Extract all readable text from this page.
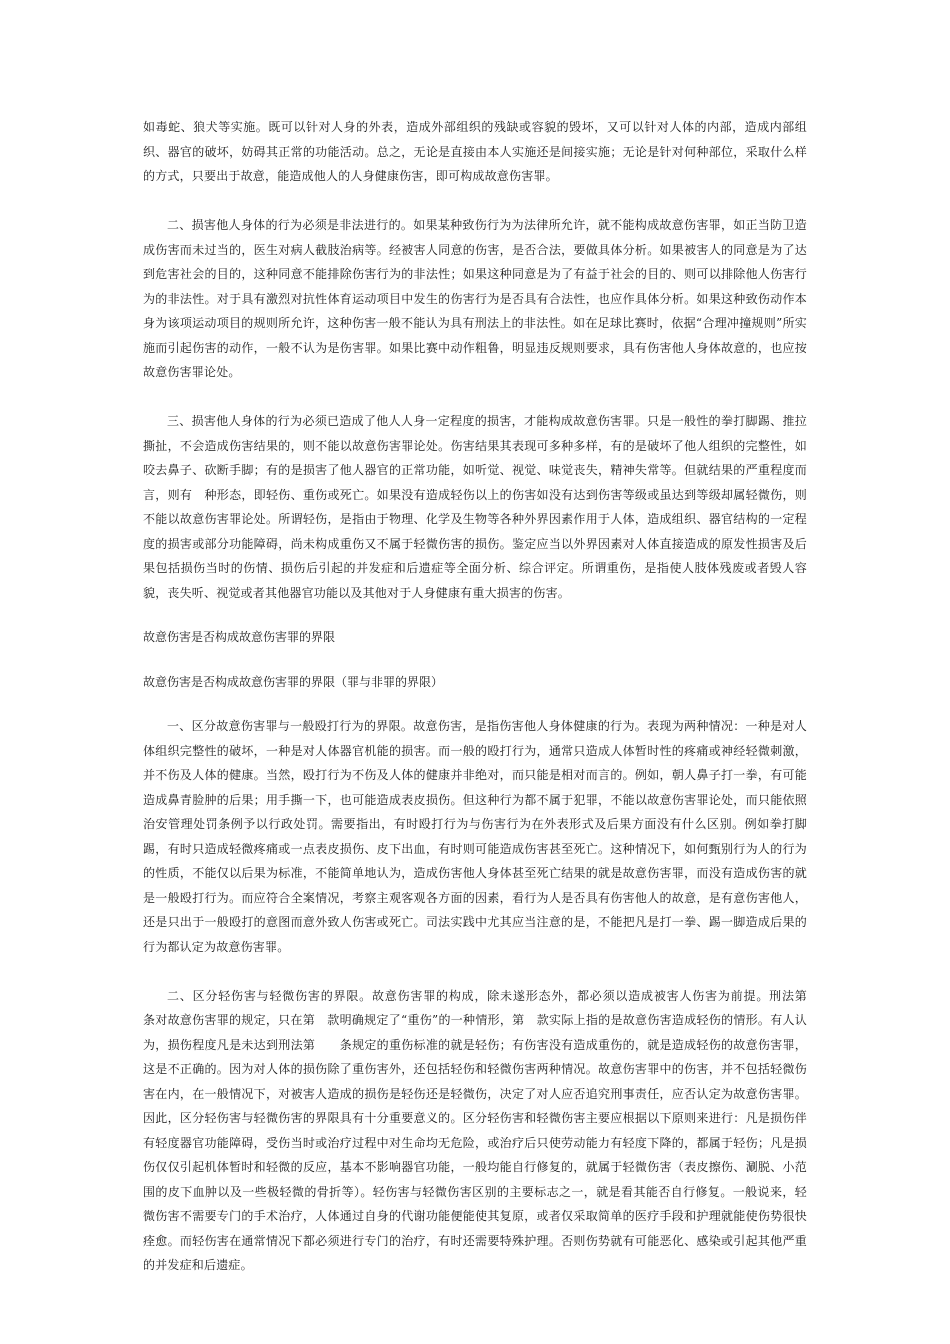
如毒蛇、狼犬等实施。既可以针对人身的外表，造成外部组织的残缺或容貌的毁坏，又可以针对人体的内部，造成内部组织、器官的破坏，妨碍其正常的功能活动。总之，无论是直接由本人实施还是间接实施；无论是针对何种部位，采取什么样的方式，只要出于故意，能造成他人的人身健康伤害，即可构成故意伤害罪。

二、损害他人身体的行为必须是非法进行的。如果某种致伤行为为法律所允许，就不能构成故意伤害罪，如正当防卫造成伤害而未过当的，医生对病人截肢治病等。经被害人同意的伤害，是否合法，要做具体分析。如果被害人的同意是为了达到危害社会的目的，这种同意不能排除伤害行为的非法性；如果这种同意是为了有益于社会的目的、则可以排除他人伤害行为的非法性。对于具有激烈对抗性体育运动项目中发生的伤害行为是否具有合法性，也应作具体分析。如果这种致伤动作本身为该项运动项目的规则所允许，这种伤害一般不能认为具有刑法上的非法性。如在足球比赛时，依据“合理冲撞规则”所实施而引起伤害的动作，一般不认为是伤害罪。如果比赛中动作粗鲁，明显违反规则要求，具有伤害他人身体故意的，也应按故意伤害罪论处。

三、损害他人身体的行为必须已造成了他人人身一定程度的损害，才能构成故意伤害罪。只是一般性的拳打脚踢、推拉撕扯，不会造成伤害结果的，则不能以故意伤害罪论处。伤害结果其表现可多种多样，有的是破坏了他人组织的完整性，如咬去鼻子、砍断手脚；有的是损害了他人器官的正常功能，如听觉、视觉、味觉丧失，精神失常等。但就结果的严重程度而言，则有　种形态，即轻伤、重伤或死亡。如果没有造成轻伤以上的伤害如没有达到伤害等级或虽达到等级却属轻微伤，则不能以故意伤害罪论处。所谓轻伤，是指由于物理、化学及生物等各种外界因素作用于人体，造成组织、器官结构的一定程度的损害或部分功能障碍，尚未构成重伤又不属于轻微伤害的损伤。鉴定应当以外界因素对人体直接造成的原发性损害及后果包括损伤当时的伤情、损伤后引起的并发症和后遗症等全面分析、综合评定。所谓重伤，是指使人肢体残废或者毁人容貌，丧失听、视觉或者其他器官功能以及其他对于人身健康有重大损害的伤害。

故意伤害是否构成故意伤害罪的界限

故意伤害是否构成故意伤害罪的界限（罪与非罪的界限）

一、区分故意伤害罪与一般殴打行为的界限。故意伤害，是指伤害他人身体健康的行为。表现为两种情况：一种是对人体组织完整性的破坏，一种是对人体器官机能的损害。而一般的殴打行为，通常只造成人体暂时性的疼痛或神经轻微刺激，并不伤及人体的健康。当然，殴打行为不伤及人体的健康并非绝对，而只能是相对而言的。例如，朝人鼻子打一拳，有可能造成鼻青脸肿的后果；用手撕一下，也可能造成表皮损伤。但这种行为都不属于犯罪，不能以故意伤害罪论处，而只能依照治安管理处罚条例予以行政处罚。需要指出，有时殴打行为与伤害行为在外表形式及后果方面没有什么区别。例如拳打脚踢，有时只造成轻微疼痛或一点表皮损伤、皮下出血，有时则可能造成伤害甚至死亡。这种情况下，如何甄别行为人的行为的性质，不能仅以后果为标准，不能简单地认为，造成伤害他人身体甚至死亡结果的就是故意伤害罪，而没有造成伤害的就是一般殴打行为。而应符合全案情况，考察主观客观各方面的因素，看行为人是否具有伤害他人的故意，是有意伤害他人，还是只出于一般殴打的意图而意外致人伤害或死亡。司法实践中尤其应当注意的是，不能把凡是打一拳、踢一脚造成后果的行为都认定为故意伤害罪。

二、区分轻伤害与轻微伤害的界限。故意伤害罪的构成，除未遂形态外，都必须以造成被害人伤害为前提。刑法第　　条对故意伤害罪的规定，只在第　款明确规定了“重伤”的一种情形，第　款实际上指的是故意伤害造成轻伤的情形。有人认为，损伤程度凡是未达到刑法第　　条规定的重伤标准的就是轻伤；有伤害没有造成重伤的，就是造成轻伤的故意伤害罪，这是不正确的。因为对人体的损伤除了重伤害外，还包括轻伤和轻微伤害两种情况。故意伤害罪中的伤害，并不包括轻微伤害在内，在一般情况下，对被害人造成的损伤是轻伤还是轻微伤，决定了对人应否追究刑事责任，应否认定为故意伤害罪。因此，区分轻伤害与轻微伤害的界限具有十分重要意义的。区分轻伤害和轻微伤害主要应根据以下原则来进行：凡是损伤伴有轻度器官功能障碍，受伤当时或治疗过程中对生命均无危险，或治疗后只使劳动能力有轻度下降的，都属于轻伤；凡是损伤仅仅引起机体暂时和轻微的反应，基本不影响器官功能，一般均能自行修复的，就属于轻微伤害（表皮擦伤、涮脱、小范围的皮下血肿以及一些极轻微的骨折等）。轻伤害与轻微伤害区别的主要标志之一，就是看其能否自行修复。一般说来，轻微伤害不需要专门的手术治疗，人体通过自身的代谢功能便能使其复原，或者仅采取简单的医疗手段和护理就能使伤势很快痊愈。而轻伤害在通常情况下都必须进行专门的治疗，有时还需要特殊护理。否则伤势就有可能恶化、感染或引起其他严重的并发症和后遗症。
